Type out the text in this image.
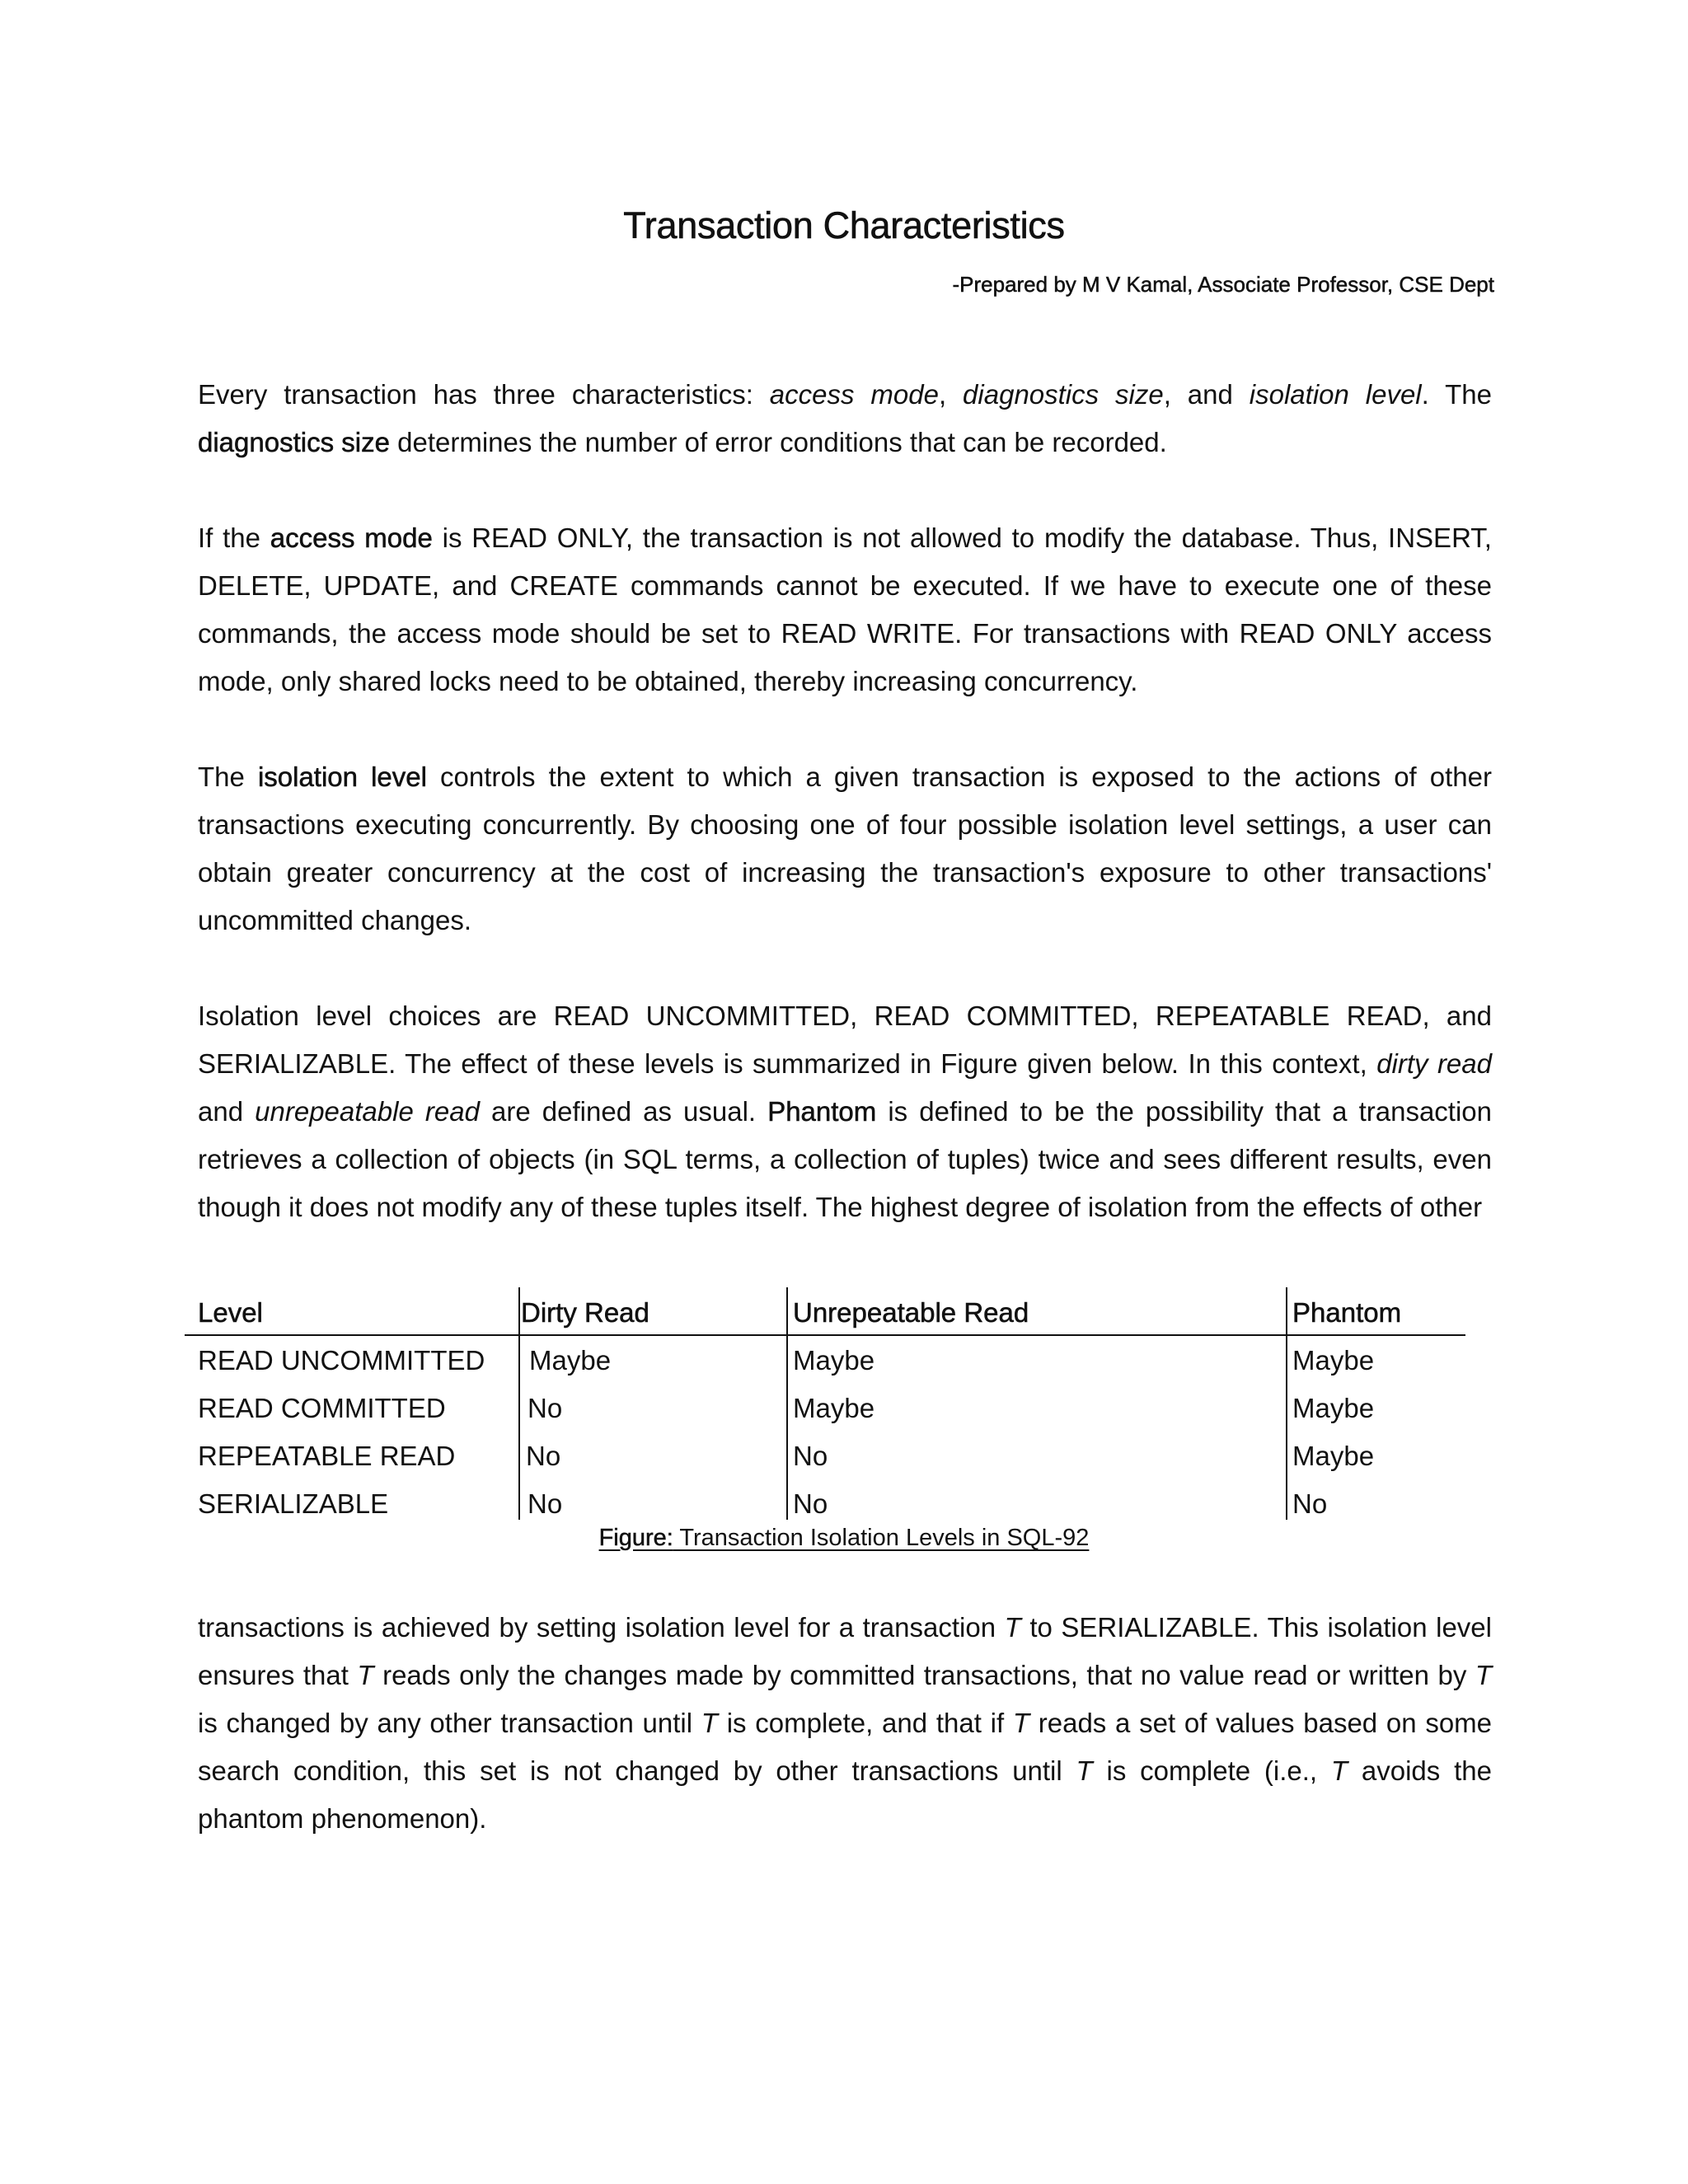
Transaction Characteristics
-Prepared by M V Kamal, Associate Professor, CSE Dept

Every transaction has three characteristics: access mode, diagnostics size, and isolation level. The diagnostics size determines the number of error conditions that can be recorded.

If the access mode is READ ONLY, the transaction is not allowed to modify the database. Thus, INSERT, DELETE, UPDATE, and CREATE commands cannot be executed. If we have to execute one of these commands, the access mode should be set to READ WRITE. For transactions with READ ONLY access mode, only shared locks need to be obtained, thereby increasing concurrency.

The isolation level controls the extent to which a given transaction is exposed to the actions of other transactions executing concurrently. By choosing one of four possible isolation level settings, a user can obtain greater concurrency at the cost of increasing the transaction's exposure to other transactions' uncommitted changes.

Isolation level choices are READ UNCOMMITTED, READ COMMITTED, REPEATABLE READ, and SERIALIZABLE. The effect of these levels is summarized in Figure given below. In this context, dirty read and unrepeatable read are defined as usual. Phantom is defined to be the possibility that a transaction retrieves a collection of objects (in SQL terms, a collection of tuples) twice and sees different results, even though it does not modify any of these tuples itself. The highest degree of isolation from the effects of other

Level	Dirty Read	Unrepeatable Read	Phantom
READ UNCOMMITTED Maybe	Maybe	Maybe
READ COMMITTED	No	Maybe	Maybe
REPEATABLE READ	No	No	Maybe
SERIALIZABLE	No	No	No
Figure: Transaction Isolation Levels in SQL-92

transactions is achieved by setting isolation level for a transaction T to SERIALIZABLE. This isolation level ensures that T reads only the changes made by committed transactions, that no value read or written by T is changed by any other transaction until T is complete, and that if T reads a set of values based on some search condition, this set is not changed by other transactions until T is complete (i.e., T avoids the phantom phenomenon).
